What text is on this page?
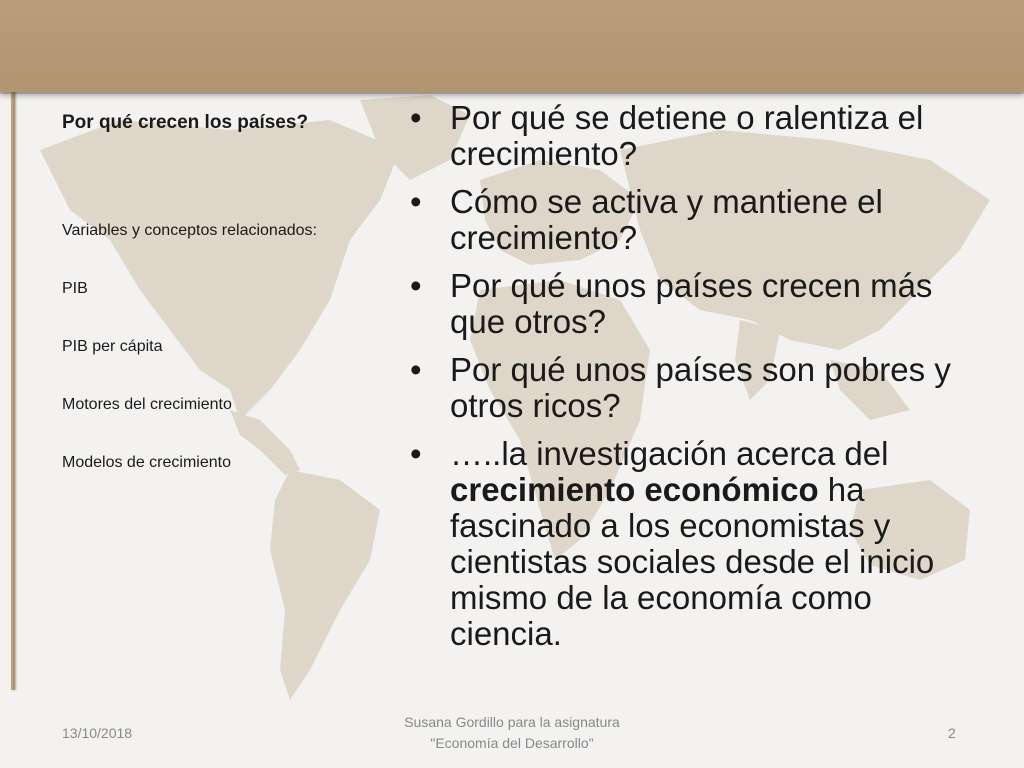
Por qué crecen los países?

Variables y conceptos relacionados:
PIB
PIB per cápita
Motores del crecimiento
Modelos de crecimiento
• Por qué se detiene o ralentiza el crecimiento?
• Cómo se activa y mantiene el crecimiento?
• Por qué unos países crecen más que otros?
• Por qué unos países son pobres y otros ricos?
• …..la investigación acerca del crecimiento económico ha fascinado a los economistas y cientistas sociales desde el inicio mismo de la economía como ciencia.
13/10/2018
Susana Gordillo para la asignatura
"Economía del Desarrollo"
2
